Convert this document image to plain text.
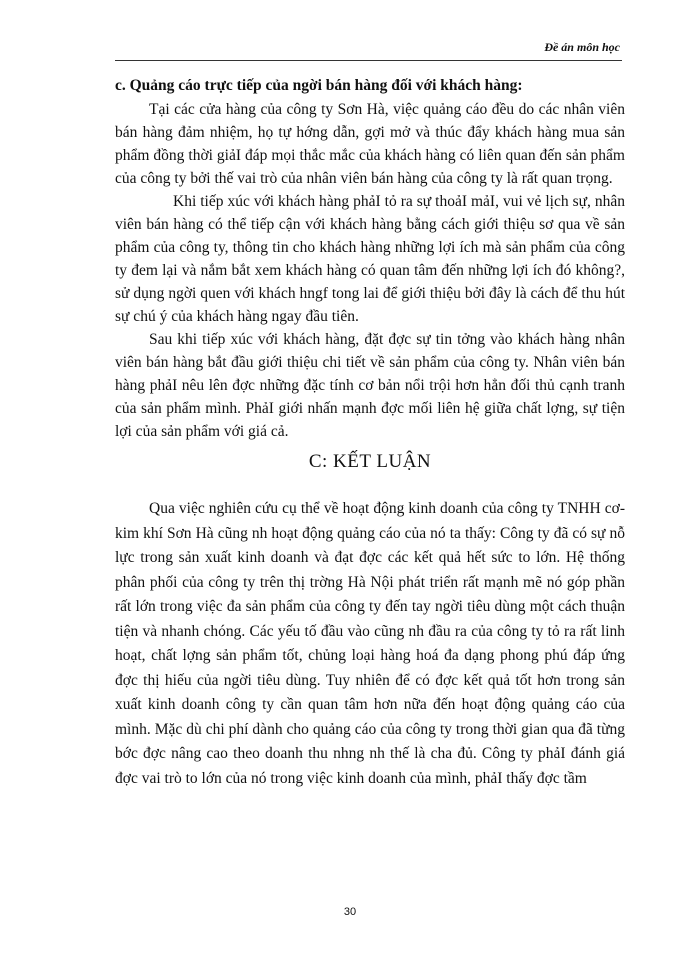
Đề án môn học

c. Quảng cáo trực tiếp của ngời bán hàng đối với khách hàng:

Tại các cửa hàng của công ty Sơn Hà, việc quảng cáo đều do các nhân viên bán hàng đảm nhiệm, họ tự hớng dẫn, gợi mở và thúc đẩy khách hàng mua sản phẩm đồng thời giảI đáp mọi thắc mắc của khách hàng có liên quan đến sản phẩm của công ty bởi thế vai trò của nhân viên bán hàng của công ty là rất quan trọng.

Khi tiếp xúc với khách hàng phảI tỏ ra sự thoảI mảI, vui vẻ lịch sự, nhân viên bán hàng có thể tiếp cận với khách hàng bằng cách giới thiệu sơ qua về sản phẩm của công ty, thông tin cho khách hàng những lợi ích mà sản phẩm của công ty đem lại và nắm bắt xem khách hàng có quan tâm đến những lợi ích đó không?, sử dụng ngời quen với khách hngf tong lai để giới thiệu bởi đây là cách để thu hút sự chú ý của khách hàng ngay đầu tiên.

Sau khi tiếp xúc với khách hàng, đặt đợc sự tin tởng vào khách hàng nhân viên bán hàng bắt đầu giới thiệu chi tiết về sản phẩm của công ty. Nhân viên bán hàng phảI nêu lên đợc những đặc tính cơ bản nổi trội hơn hẳn đối thủ cạnh tranh của sản phẩm mình. PhảI giới nhấn mạnh đợc mối liên hệ giữa chất lợng, sự tiện lợi của sản phẩm với giá cả.

C: KẾT LUẬN

Qua việc nghiên cứu cụ thể về hoạt động kinh doanh của công ty TNHH cơ- kim khí Sơn Hà cũng nh hoạt động quảng cáo của nó ta thấy: Công ty đã có sự nỗ lực trong sản xuất kinh doanh và đạt đợc các kết quả hết sức to lớn. Hệ thống phân phối của công ty trên thị trờng Hà Nội phát triển rất mạnh mẽ nó góp phần rất lớn trong việc đa sản phẩm của công ty đến tay ngời tiêu dùng một cách thuận tiện và nhanh chóng. Các yếu tố đầu vào cũng nh đầu ra của công ty tỏ ra rất linh hoạt, chất lợng sản phẩm tốt, chủng loại hàng hoá đa dạng phong phú đáp ứng đợc thị hiếu của ngời tiêu dùng. Tuy nhiên để có đợc kết quả tốt hơn trong sản xuất kinh doanh công ty cần quan tâm hơn nữa đến hoạt động quảng cáo của mình. Mặc dù chi phí dành cho quảng cáo của công ty trong thời gian qua đã từng bớc đợc nâng cao theo doanh thu nhng nh thế là cha đủ. Công ty phảI đánh giá đợc vai trò to lớn của nó trong việc kinh doanh của mình, phảI thấy đợc tầm

30
